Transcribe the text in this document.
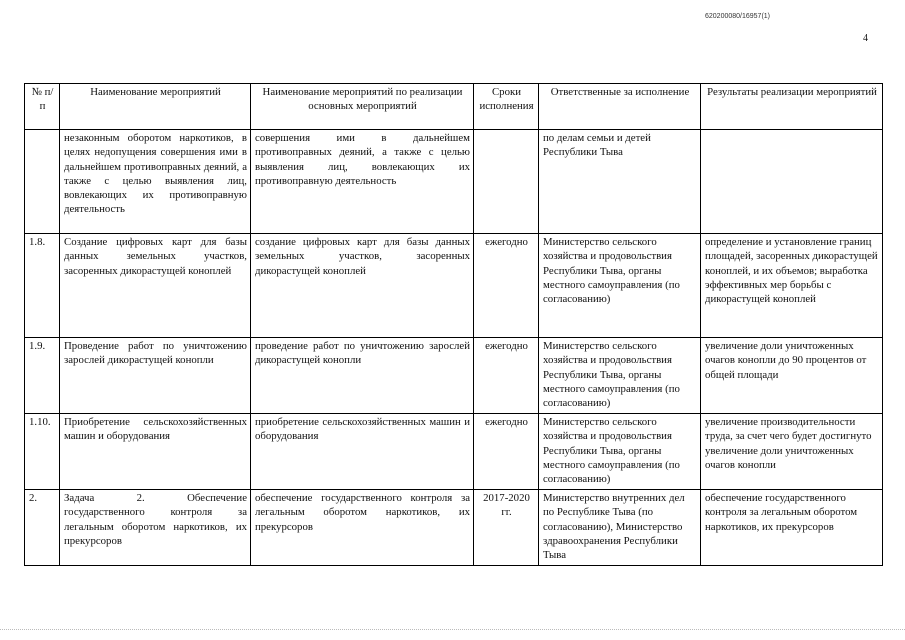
620200080/16957(1)
4
№ п/п	Наименование мероприятий	Наименование мероприятий по реализации основных мероприятий	Сроки исполнения	Ответственные за исполнение	Результаты реализации мероприятий
	незаконным оборотом наркотиков, в целях недопущения совершения ими в дальнейшем противоправных деяний, а также с целью выявления лиц, вовлекающих их противоправную деятельность	совершения ими в дальнейшем противоправных деяний, а также с целью выявления лиц, вовлекающих их противоправную деятельность		по делам семьи и детей Республики Тыва	
1.8.	Создание цифровых карт для базы данных земельных участков, засоренных дикорастущей коноплей	создание цифровых карт для базы данных земельных участков, засоренных дикорастущей коноплей	ежегодно	Министерство сельского хозяйства и продовольствия Республики Тыва, органы местного самоуправления (по согласованию)	определение и установление границ площадей, засоренных дикорастущей коноплей, и их объемов; выработка эффективных мер борьбы с дикорастущей коноплей
1.9.	Проведение работ по уничтожению зарослей дикорастущей конопли	проведение работ по уничтожению зарослей дикорастущей конопли	ежегодно	Министерство сельского хозяйства и продовольствия Республики Тыва, органы местного самоуправления (по согласованию)	увеличение доли уничтоженных очагов конопли до 90 процентов от общей площади
1.10.	Приобретение сельскохозяйственных машин и оборудования	приобретение сельскохозяйственных машин и оборудования	ежегодно	Министерство сельского хозяйства и продовольствия Республики Тыва, органы местного самоуправления (по согласованию)	увеличение производительности труда, за счет чего будет достигнуто увеличение доли уничтоженных очагов конопли
2.	Задача 2. Обеспечение государственного контроля за легальным оборотом наркотиков, их прекурсоров	обеспечение государственного контроля за легальным оборотом наркотиков, их прекурсоров	2017-2020 гг.	Министерство внутренних дел по Республике Тыва (по согласованию), Министерство здравоохранения Республики Тыва	обеспечение государственного контроля за легальным оборотом наркотиков, их прекурсоров
